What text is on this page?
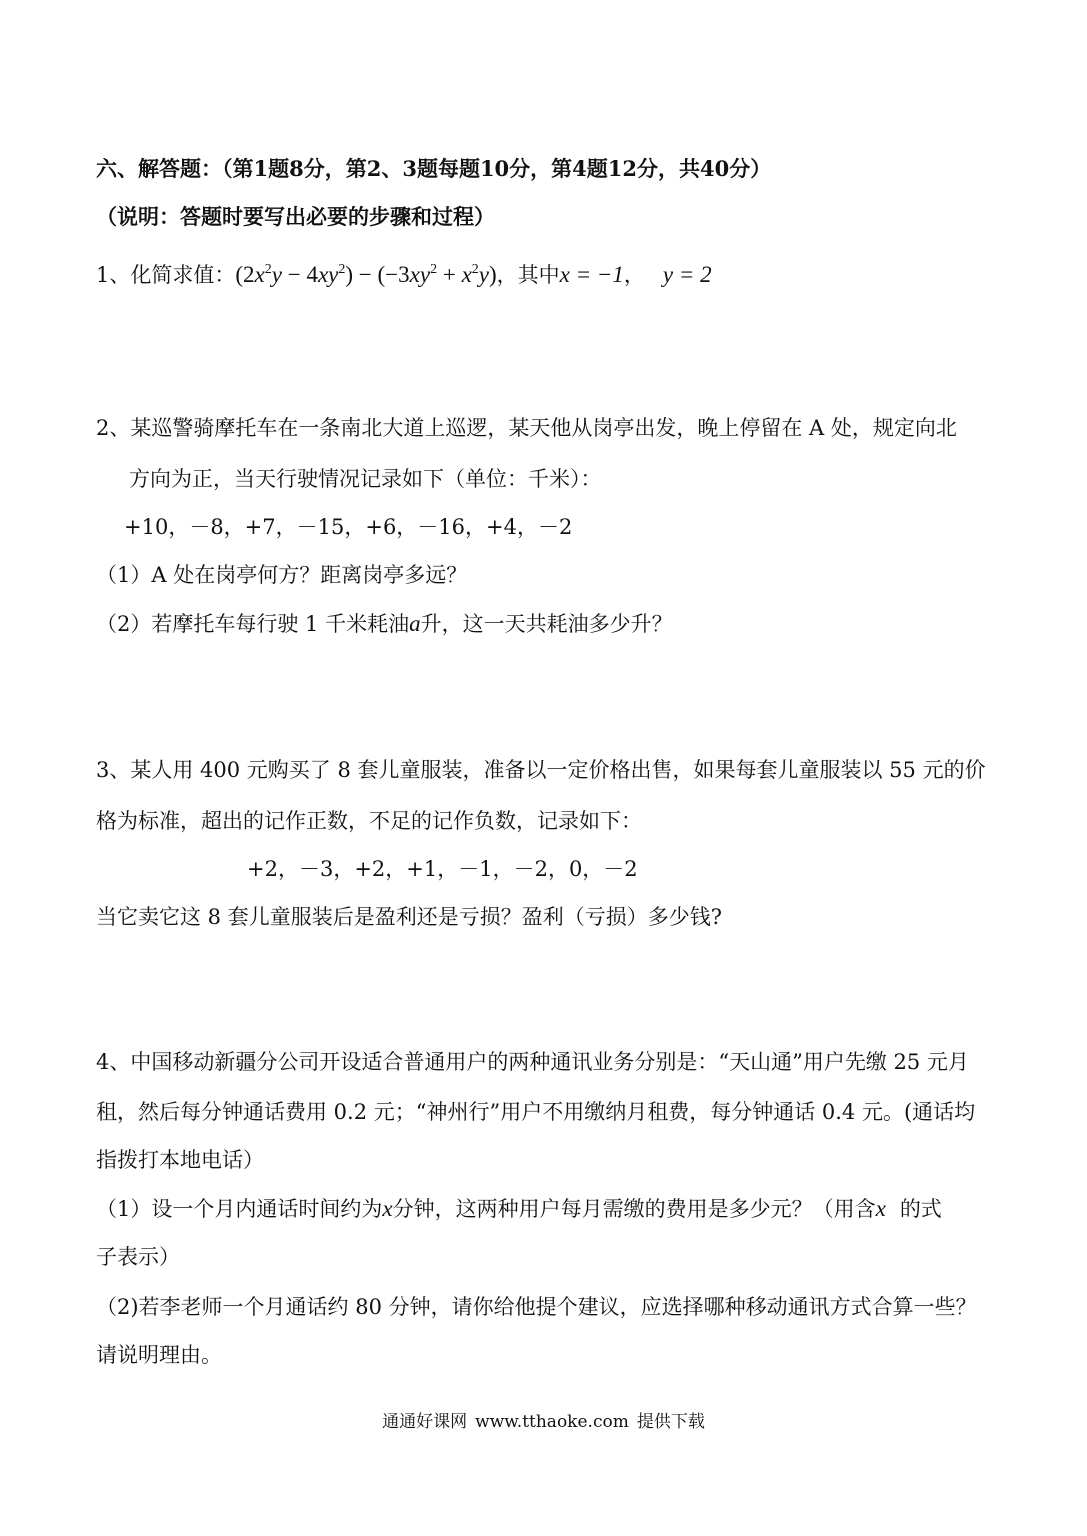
六、解答题：（第1题8分，第2、3题每题10分，第4题12分，共40分）
（说明：答题时要写出必要的步骤和过程）
1、化简求值：$(2x^2y - 4xy^2) - (-3xy^2 + x^2y)$，其中x = −1， y = 2
2、某巡警骑摩托车在一条南北大道上巡逻，某天他从岗亭出发，晚上停留在 A 处，规定向北
方向为正，当天行驶情况记录如下（单位：千米）：
+10，－8，+7，－15，+6，－16，+4，－2
（1）A 处在岗亭何方？距离岗亭多远？
（2）若摩托车每行驶 1 千米耗油a升，这一天共耗油多少升？
3、某人用 400 元购买了 8 套儿童服装，准备以一定价格出售，如果每套儿童服装以 55 元的价
格为标准，超出的记作正数，不足的记作负数，记录如下：
+2，－3，+2，+1，－1，－2，0，－2
当它卖它这 8 套儿童服装后是盈利还是亏损？盈利（亏损）多少钱?
4、中国移动新疆分公司开设适合普通用户的两种通讯业务分别是：“天山通”用户先缴 25 元月
租，然后每分钟通话费用 0.2 元；“神州行”用户不用缴纳月租费，每分钟通话 0.4 元。(通话均
指拨打本地电话）
（1）设一个月内通话时间约为x分钟，这两种用户每月需缴的费用是多少元？（用含x 的式
子表示）
（2)若李老师一个月通话约 80 分钟，请你给他提个建议，应选择哪种移动通讯方式合算一些？
请说明理由。
通通好课网 www.tthaoke.com 提供下载
